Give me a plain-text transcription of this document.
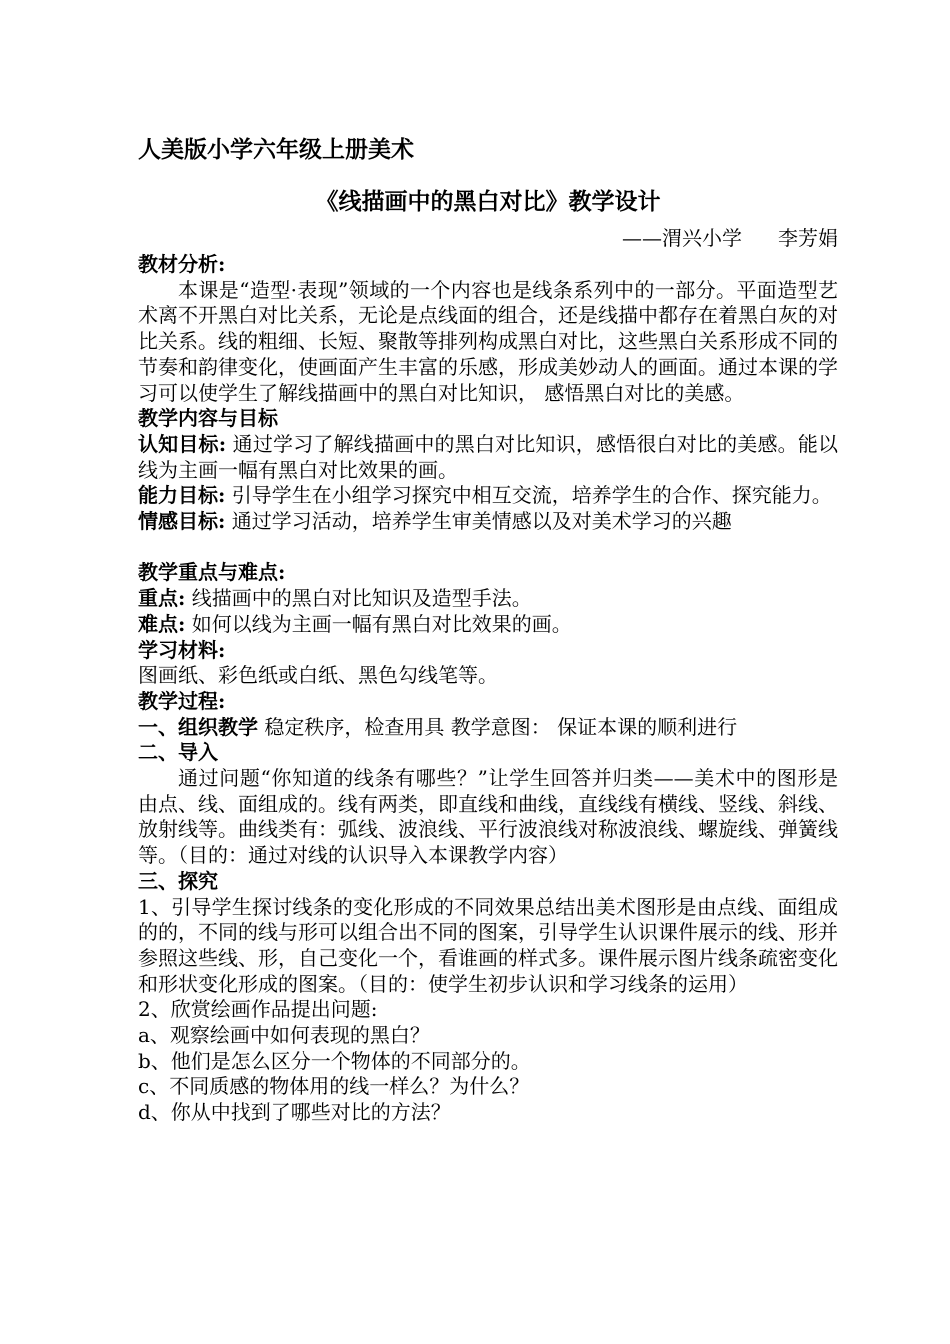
人美版小学六年级上册美术
《线描画中的黑白对比》教学设计
——渭兴小学 李芳娟
教材分析:

本课是“造型·表现”领域的一个内容也是线条系列中的一部分。平面造型艺术离不开黑白对比关系，无论是点线面的组合，还是线描中都存在着黑白灰的对比关系。线的粗细、长短、聚散等排列构成黑白对比，这些黑白关系形成不同的节奏和韵律变化，使画面产生丰富的乐感，形成美妙动人的画面。通过本课的学习可以使学生了解线描画中的黑白对比知识， 感悟黑白对比的美感。

教学内容与目标

认知目标: 通过学习了解线描画中的黑白对比知识，感悟很白对比的美感。能以线为主画一幅有黑白对比效果的画。

能力目标: 引导学生在小组学习探究中相互交流，培养学生的合作、探究能力。

情感目标: 通过学习活动，培养学生审美情感以及对美术学习的兴趣

教学重点与难点:

重点: 线描画中的黑白对比知识及造型手法。

难点: 如何以线为主画一幅有黑白对比效果的画。

学习材料:

图画纸、彩色纸或白纸、黑色勾线笔等。

教学过程:

一、组织教学 稳定秩序，检查用具 教学意图： 保证本课的顺利进行

二、导入

通过问题“你知道的线条有哪些？”让学生回答并归类——美术中的图形是由点、线、面组成的。线有两类，即直线和曲线，直线线有横线、竖线、斜线、放射线等。曲线类有：弧线、波浪线、平行波浪线对称波浪线、螺旋线、弹簧线等。（目的：通过对线的认识导入本课教学内容）

三、探究

1、引导学生探讨线条的变化形成的不同效果总结出美术图形是由点线、面组成的的，不同的线与形可以组合出不同的图案，引导学生认识课件展示的线、形并参照这些线、形，自己变化一个，看谁画的样式多。课件展示图片线条疏密变化和形状变化形成的图案。（目的：使学生初步认识和学习线条的运用）

2、欣赏绘画作品提出问题:

a、观察绘画中如何表现的黑白？

b、他们是怎么区分一个物体的不同部分的。

c、不同质感的物体用的线一样么？为什么？

d、你从中找到了哪些对比的方法？
